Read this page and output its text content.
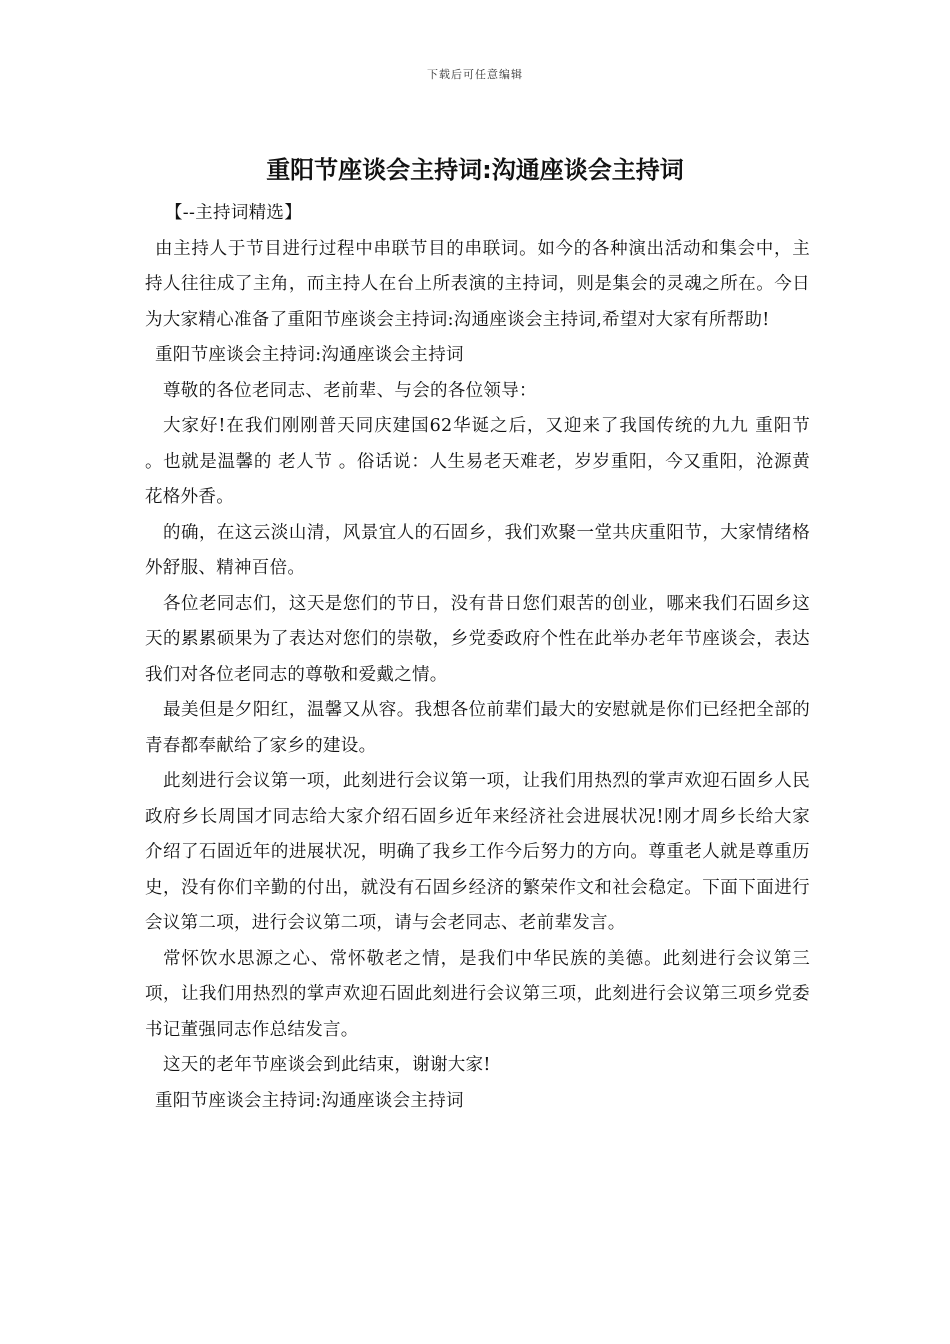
下载后可任意编辑
重阳节座谈会主持词:沟通座谈会主持词

【--主持词精选】

由主持人于节目进行过程中串联节目的串联词。如今的各种演出活动和集会中，主持人往往成了主角，而主持人在台上所表演的主持词，则是集会的灵魂之所在。今日为大家精心准备了重阳节座谈会主持词:沟通座谈会主持词,希望对大家有所帮助!

重阳节座谈会主持词:沟通座谈会主持词

尊敬的各位老同志、老前辈、与会的各位领导：

大家好!在我们刚刚普天同庆建国62华诞之后，又迎来了我国传统的九九 重阳节 。也就是温馨的 老人节 。俗话说：人生易老天难老，岁岁重阳，今又重阳，沧源黄花格外香。

的确，在这云淡山清，风景宜人的石固乡，我们欢聚一堂共庆重阳节，大家情绪格外舒服、精神百倍。

各位老同志们，这天是您们的节日，没有昔日您们艰苦的创业，哪来我们石固乡这天的累累硕果为了表达对您们的崇敬，乡党委政府个性在此举办老年节座谈会，表达我们对各位老同志的尊敬和爱戴之情。

最美但是夕阳红，温馨又从容。我想各位前辈们最大的安慰就是你们已经把全部的青春都奉献给了家乡的建设。

此刻进行会议第一项，此刻进行会议第一项，让我们用热烈的掌声欢迎石固乡人民政府乡长周国才同志给大家介绍石固乡近年来经济社会进展状况!刚才周乡长给大家介绍了石固近年的进展状况，明确了我乡工作今后努力的方向。尊重老人就是尊重历史，没有你们辛勤的付出，就没有石固乡经济的繁荣作文和社会稳定。下面下面进行会议第二项，进行会议第二项，请与会老同志、老前辈发言。

常怀饮水思源之心、常怀敬老之情，是我们中华民族的美德。此刻进行会议第三项，让我们用热烈的掌声欢迎石固此刻进行会议第三项，此刻进行会议第三项乡党委书记董强同志作总结发言。

这天的老年节座谈会到此结束，谢谢大家!

重阳节座谈会主持词:沟通座谈会主持词
